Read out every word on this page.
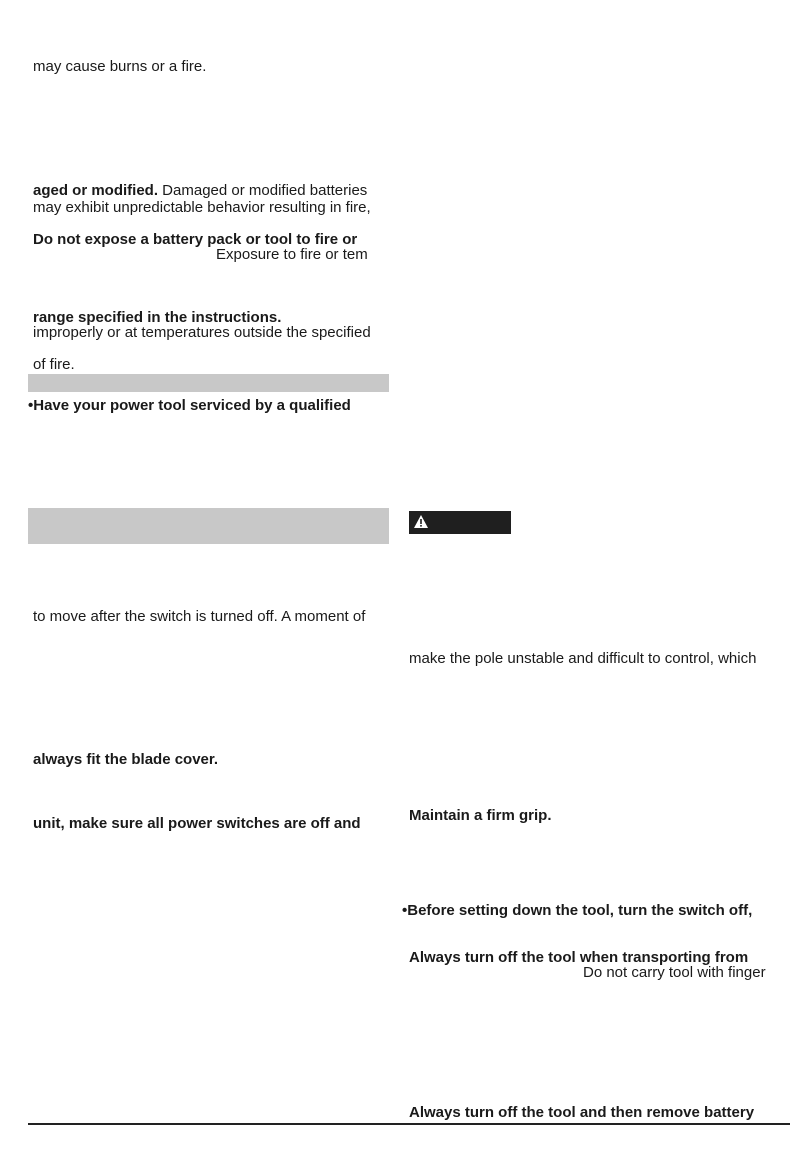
may cause burns or a fire.
aged or modified. Damaged or modified batteries
may exhibit unpredictable behavior resulting in fire,
Do not expose a battery pack or tool to fire or
Exposure to fire or tem
range specified in the instructions.
improperly or at temperatures outside the specified
of fire.
•Have your power tool serviced by a qualified
to move after the switch is turned off. A moment of
always fit the blade cover.
unit, make sure all power switches are off and
make the pole unstable and difficult to control, which
Maintain a firm grip.
•Before setting down the tool, turn the switch off,
Always turn off the tool when transporting from
Do not carry tool with finger
Always turn off the tool and then remove battery
